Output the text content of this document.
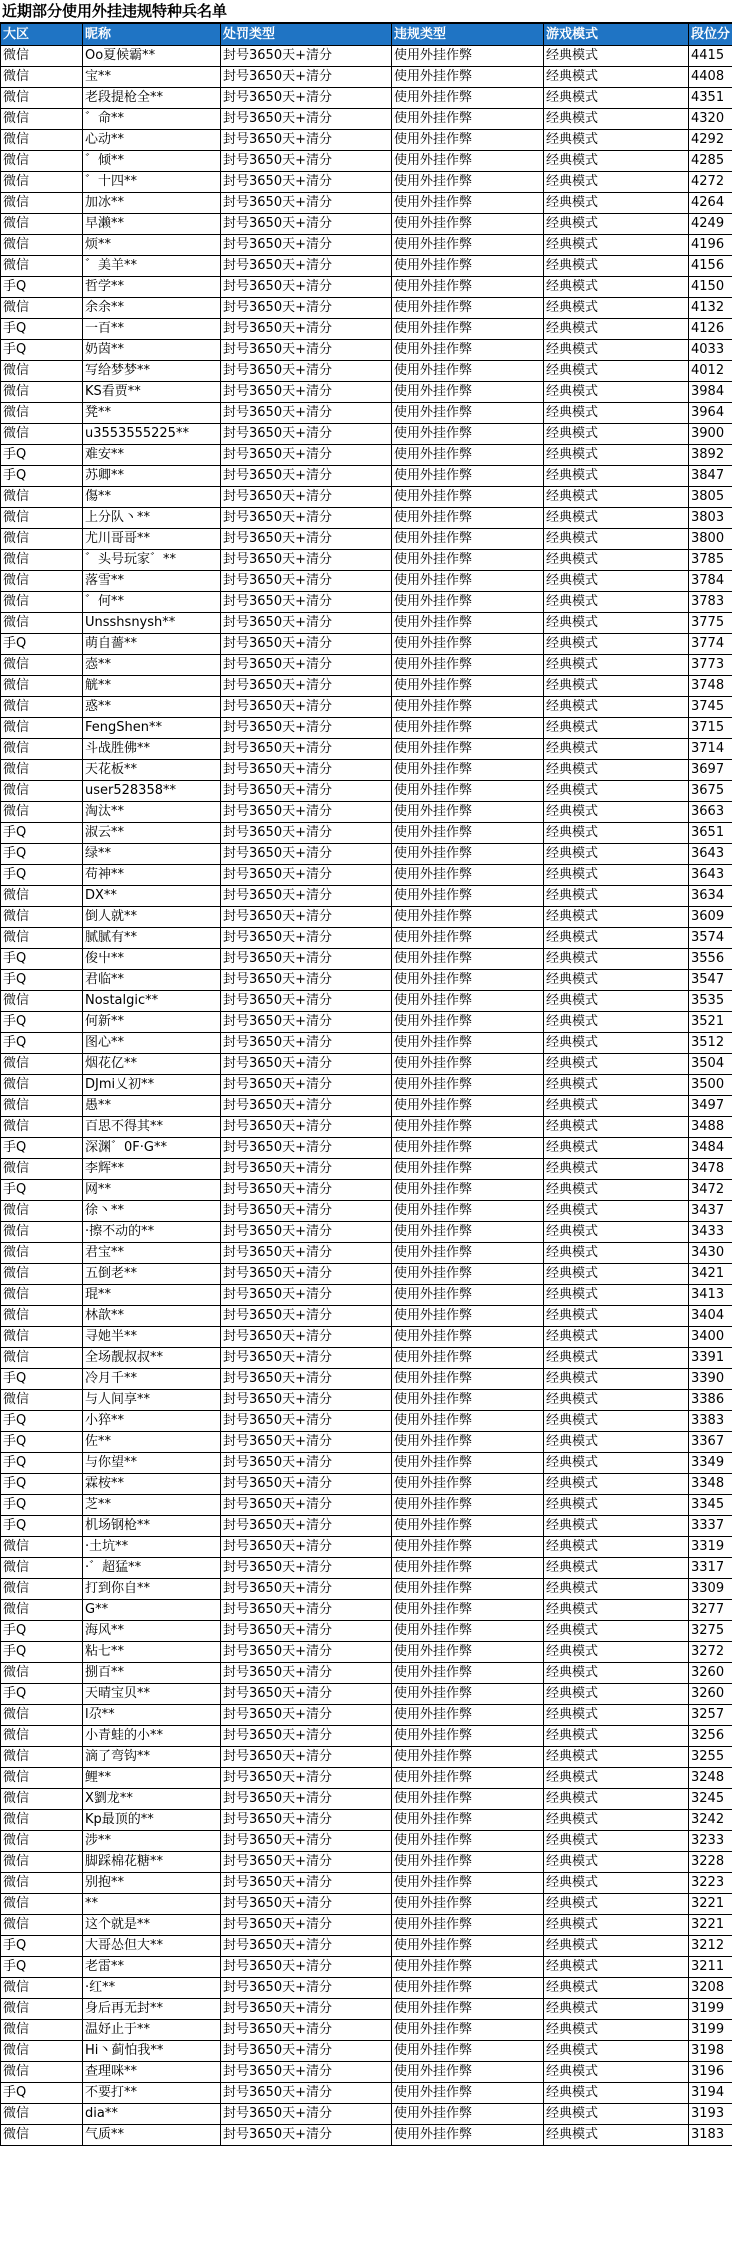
近期部分使用外挂违规特种兵名单
大区	昵称	处罚类型	违规类型	游戏模式	段位分
微信	Oo夏候霸**	封号3650天+清分	使用外挂作弊	经典模式	4415
微信	宝**	封号3650天+清分	使用外挂作弊	经典模式	4408
微信	老段提枪全**	封号3650天+清分	使用外挂作弊	经典模式	4351
微信	゛命**	封号3650天+清分	使用外挂作弊	经典模式	4320
微信	心动**	封号3650天+清分	使用外挂作弊	经典模式	4292
微信	゛倾**	封号3650天+清分	使用外挂作弊	经典模式	4285
微信	゛十四**	封号3650天+清分	使用外挂作弊	经典模式	4272
微信	加冰**	封号3650天+清分	使用外挂作弊	经典模式	4264
微信	早濑**	封号3650天+清分	使用外挂作弊	经典模式	4249
微信	烦**	封号3650天+清分	使用外挂作弊	经典模式	4196
微信	゛美羊**	封号3650天+清分	使用外挂作弊	经典模式	4156
手Q	哲学**	封号3650天+清分	使用外挂作弊	经典模式	4150
微信	余余**	封号3650天+清分	使用外挂作弊	经典模式	4132
手Q	一百**	封号3650天+清分	使用外挂作弊	经典模式	4126
手Q	奶茵**	封号3650天+清分	使用外挂作弊	经典模式	4033
微信	写给梦梦**	封号3650天+清分	使用外挂作弊	经典模式	4012
微信	KS看贾**	封号3650天+清分	使用外挂作弊	经典模式	3984
微信	凳**	封号3650天+清分	使用外挂作弊	经典模式	3964
微信	u3553555225**	封号3650天+清分	使用外挂作弊	经典模式	3900
手Q	难安**	封号3650天+清分	使用外挂作弊	经典模式	3892
手Q	苏卿**	封号3650天+清分	使用外挂作弊	经典模式	3847
微信	傷**	封号3650天+清分	使用外挂作弊	经典模式	3805
微信	上分队丶**	封号3650天+清分	使用外挂作弊	经典模式	3803
微信	尤川哥哥**	封号3650天+清分	使用外挂作弊	经典模式	3800
微信	゛头号玩家゛**	封号3650天+清分	使用外挂作弊	经典模式	3785
微信	落雪**	封号3650天+清分	使用外挂作弊	经典模式	3784
微信	゛何**	封号3650天+清分	使用外挂作弊	经典模式	3783
微信	Unsshsnysh**	封号3650天+清分	使用外挂作弊	经典模式	3775
手Q	萌自薔**	封号3650天+清分	使用外挂作弊	经典模式	3774
微信	悫**	封号3650天+清分	使用外挂作弊	经典模式	3773
微信	觥**	封号3650天+清分	使用外挂作弊	经典模式	3748
微信	惑**	封号3650天+清分	使用外挂作弊	经典模式	3745
微信	FengShen**	封号3650天+清分	使用外挂作弊	经典模式	3715
微信	斗战胜佛**	封号3650天+清分	使用外挂作弊	经典模式	3714
微信	天花板**	封号3650天+清分	使用外挂作弊	经典模式	3697
微信	user528358**	封号3650天+清分	使用外挂作弊	经典模式	3675
微信	淘汰**	封号3650天+清分	使用外挂作弊	经典模式	3663
手Q	淑云**	封号3650天+清分	使用外挂作弊	经典模式	3651
手Q	绿**	封号3650天+清分	使用外挂作弊	经典模式	3643
手Q	苟神**	封号3650天+清分	使用外挂作弊	经典模式	3643
微信	DX**	封号3650天+清分	使用外挂作弊	经典模式	3634
微信	倒人就**	封号3650天+清分	使用外挂作弊	经典模式	3609
微信	腻腻有**	封号3650天+清分	使用外挂作弊	经典模式	3574
手Q	俊屮**	封号3650天+清分	使用外挂作弊	经典模式	3556
手Q	君临**	封号3650天+清分	使用外挂作弊	经典模式	3547
微信	Nostalgic**	封号3650天+清分	使用外挂作弊	经典模式	3535
手Q	何新**	封号3650天+清分	使用外挂作弊	经典模式	3521
手Q	图心**	封号3650天+清分	使用外挂作弊	经典模式	3512
微信	烟花亿**	封号3650天+清分	使用外挂作弊	经典模式	3504
微信	DJmi乂初**	封号3650天+清分	使用外挂作弊	经典模式	3500
微信	愚**	封号3650天+清分	使用外挂作弊	经典模式	3497
微信	百思不得其**	封号3650天+清分	使用外挂作弊	经典模式	3488
手Q	深渊゛0F·G**	封号3650天+清分	使用外挂作弊	经典模式	3484
微信	李辉**	封号3650天+清分	使用外挂作弊	经典模式	3478
手Q	网**	封号3650天+清分	使用外挂作弊	经典模式	3472
微信	徐丶**	封号3650天+清分	使用外挂作弊	经典模式	3437
微信	·擦不动的**	封号3650天+清分	使用外挂作弊	经典模式	3433
微信	君宝**	封号3650天+清分	使用外挂作弊	经典模式	3430
微信	五倒老**	封号3650天+清分	使用外挂作弊	经典模式	3421
微信	琨**	封号3650天+清分	使用外挂作弊	经典模式	3413
微信	林歆**	封号3650天+清分	使用外挂作弊	经典模式	3404
微信	寻她半**	封号3650天+清分	使用外挂作弊	经典模式	3400
微信	全场靓叔叔**	封号3650天+清分	使用外挂作弊	经典模式	3391
手Q	冷月千**	封号3650天+清分	使用外挂作弊	经典模式	3390
微信	与人间享**	封号3650天+清分	使用外挂作弊	经典模式	3386
手Q	小猝**	封号3650天+清分	使用外挂作弊	经典模式	3383
手Q	佐**	封号3650天+清分	使用外挂作弊	经典模式	3367
手Q	与你望**	封号3650天+清分	使用外挂作弊	经典模式	3349
手Q	霖桉**	封号3650天+清分	使用外挂作弊	经典模式	3348
手Q	芝**	封号3650天+清分	使用外挂作弊	经典模式	3345
手Q	机场钢枪**	封号3650天+清分	使用外挂作弊	经典模式	3337
微信	·土坑**	封号3650天+清分	使用外挂作弊	经典模式	3319
微信	·゛超猛**	封号3650天+清分	使用外挂作弊	经典模式	3317
微信	打到你自**	封号3650天+清分	使用外挂作弊	经典模式	3309
微信	G**	封号3650天+清分	使用外挂作弊	经典模式	3277
手Q	海风**	封号3650天+清分	使用外挂作弊	经典模式	3275
手Q	粘七**	封号3650天+清分	使用外挂作弊	经典模式	3272
微信	捌百**	封号3650天+清分	使用外挂作弊	经典模式	3260
手Q	天晴宝贝**	封号3650天+清分	使用外挂作弊	经典模式	3260
微信	l尕**	封号3650天+清分	使用外挂作弊	经典模式	3257
微信	小青蛙的小**	封号3650天+清分	使用外挂作弊	经典模式	3256
微信	滴了弯钩**	封号3650天+清分	使用外挂作弊	经典模式	3255
微信	鲤**	封号3650天+清分	使用外挂作弊	经典模式	3248
微信	X劉龙**	封号3650天+清分	使用外挂作弊	经典模式	3245
微信	Kp最顶的**	封号3650天+清分	使用外挂作弊	经典模式	3242
微信	涉**	封号3650天+清分	使用外挂作弊	经典模式	3233
微信	脚踩棉花糖**	封号3650天+清分	使用外挂作弊	经典模式	3228
微信	别抱**	封号3650天+清分	使用外挂作弊	经典模式	3223
微信	**	封号3650天+清分	使用外挂作弊	经典模式	3221
微信	这个就是**	封号3650天+清分	使用外挂作弊	经典模式	3221
手Q	大哥怂但大**	封号3650天+清分	使用外挂作弊	经典模式	3212
手Q	老雷**	封号3650天+清分	使用外挂作弊	经典模式	3211
微信	·红**	封号3650天+清分	使用外挂作弊	经典模式	3208
微信	身后再无封**	封号3650天+清分	使用外挂作弊	经典模式	3199
微信	温妤止于**	封号3650天+清分	使用外挂作弊	经典模式	3199
微信	Hi丶蓟怕我**	封号3650天+清分	使用外挂作弊	经典模式	3198
微信	查理咪**	封号3650天+清分	使用外挂作弊	经典模式	3196
手Q	不要打**	封号3650天+清分	使用外挂作弊	经典模式	3194
微信	dia**	封号3650天+清分	使用外挂作弊	经典模式	3193
微信	气质**	封号3650天+清分	使用外挂作弊	经典模式	3183
